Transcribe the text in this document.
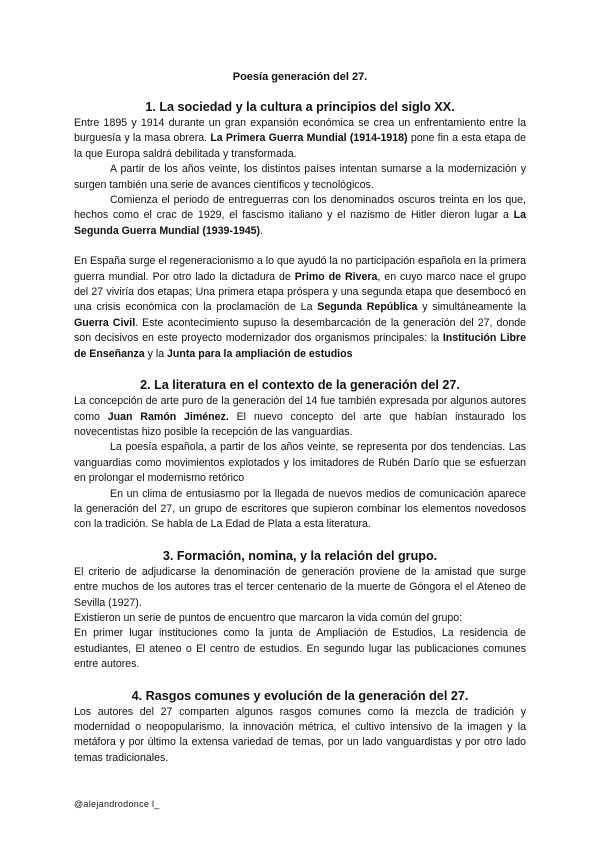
Poesía generación del 27.
1. La sociedad y la cultura a principios del siglo XX.

Entre 1895 y 1914 durante un gran expansión económica se crea un enfrentamiento entre la burguesía y la masa obrera. La Primera Guerra Mundial (1914-1918) pone fin a esta etapa de la que Europa saldrá debilitada y transformada.

A partir de los años veinte, los distintos países intentan sumarse a la modernización y surgen también una serie de avances científicos y tecnológicos.

Comienza el periodo de entreguerras con los denominados oscuros treinta en los que, hechos como el crac de 1929, el fascismo italiano y el nazismo de Hitler dieron lugar a La Segunda Guerra Mundial (1939-1945).

En España surge el regeneracionismo a lo que ayudó la no participación española en la primera guerra mundial. Por otro lado la dictadura de Primo de Rivera, en cuyo marco nace el grupo del 27 viviría dos etapas; Una primera etapa próspera y una segunda etapa que desembocó en una crisis económica con la proclamación de La Segunda República y simultáneamente la Guerra Civil. Este acontecimiento supuso la desembarcación de la generación del 27, donde son decisivos en este proyecto modernizador dos organismos principales: la Institución Libre de Enseñanza y la Junta para la ampliación de estudios

2. La literatura en el contexto de la generación del 27.

La concepción de arte puro de la generación del 14 fue también expresada por algunos autores como Juan Ramón Jiménez. El nuevo concepto del arte que habían instaurado los novecentistas hizo posible la recepción de las vanguardias.

La poesía española, a partir de los años veinte, se representa por dos tendencias. Las vanguardias como movimientos explotados y los imitadores de Rubén Darío que se esfuerzan en prolongar el modernismo retórico

En un clima de entusiasmo por la llegada de nuevos medios de comunicación aparece la generación del 27, un grupo de escritores que supieron combinar los elementos novedosos con la tradición. Se habla de La Edad de Plata a esta literatura.

3. Formación, nomina, y la relación del grupo.

El criterio de adjudicarse la denominación de generación proviene de la amistad que surge entre muchos de los autores tras el tercer centenario de la muerte de Góngora el el Ateneo de Sevilla (1927).

Existieron un serie de puntos de encuentro que marcaron la vida común del grupo:

En primer lugar instituciones como la junta de Ampliación de Estudios, La residencia de estudiantes, El ateneo o El centro de estudios. En segundo lugar las publicaciones comunes entre autores.

4. Rasgos comunes y evolución de la generación del 27.

Los autores del 27 comparten algunos rasgos comunes como la mezcla de tradición y modernidad o neopopularismo, la innovación métrica, el cultivo intensivo de la imagen y la metáfora y por último la extensa variedad de temas, por un lado vanguardistas y por otro lado temas tradicionales.

@alejandrodonce l_
